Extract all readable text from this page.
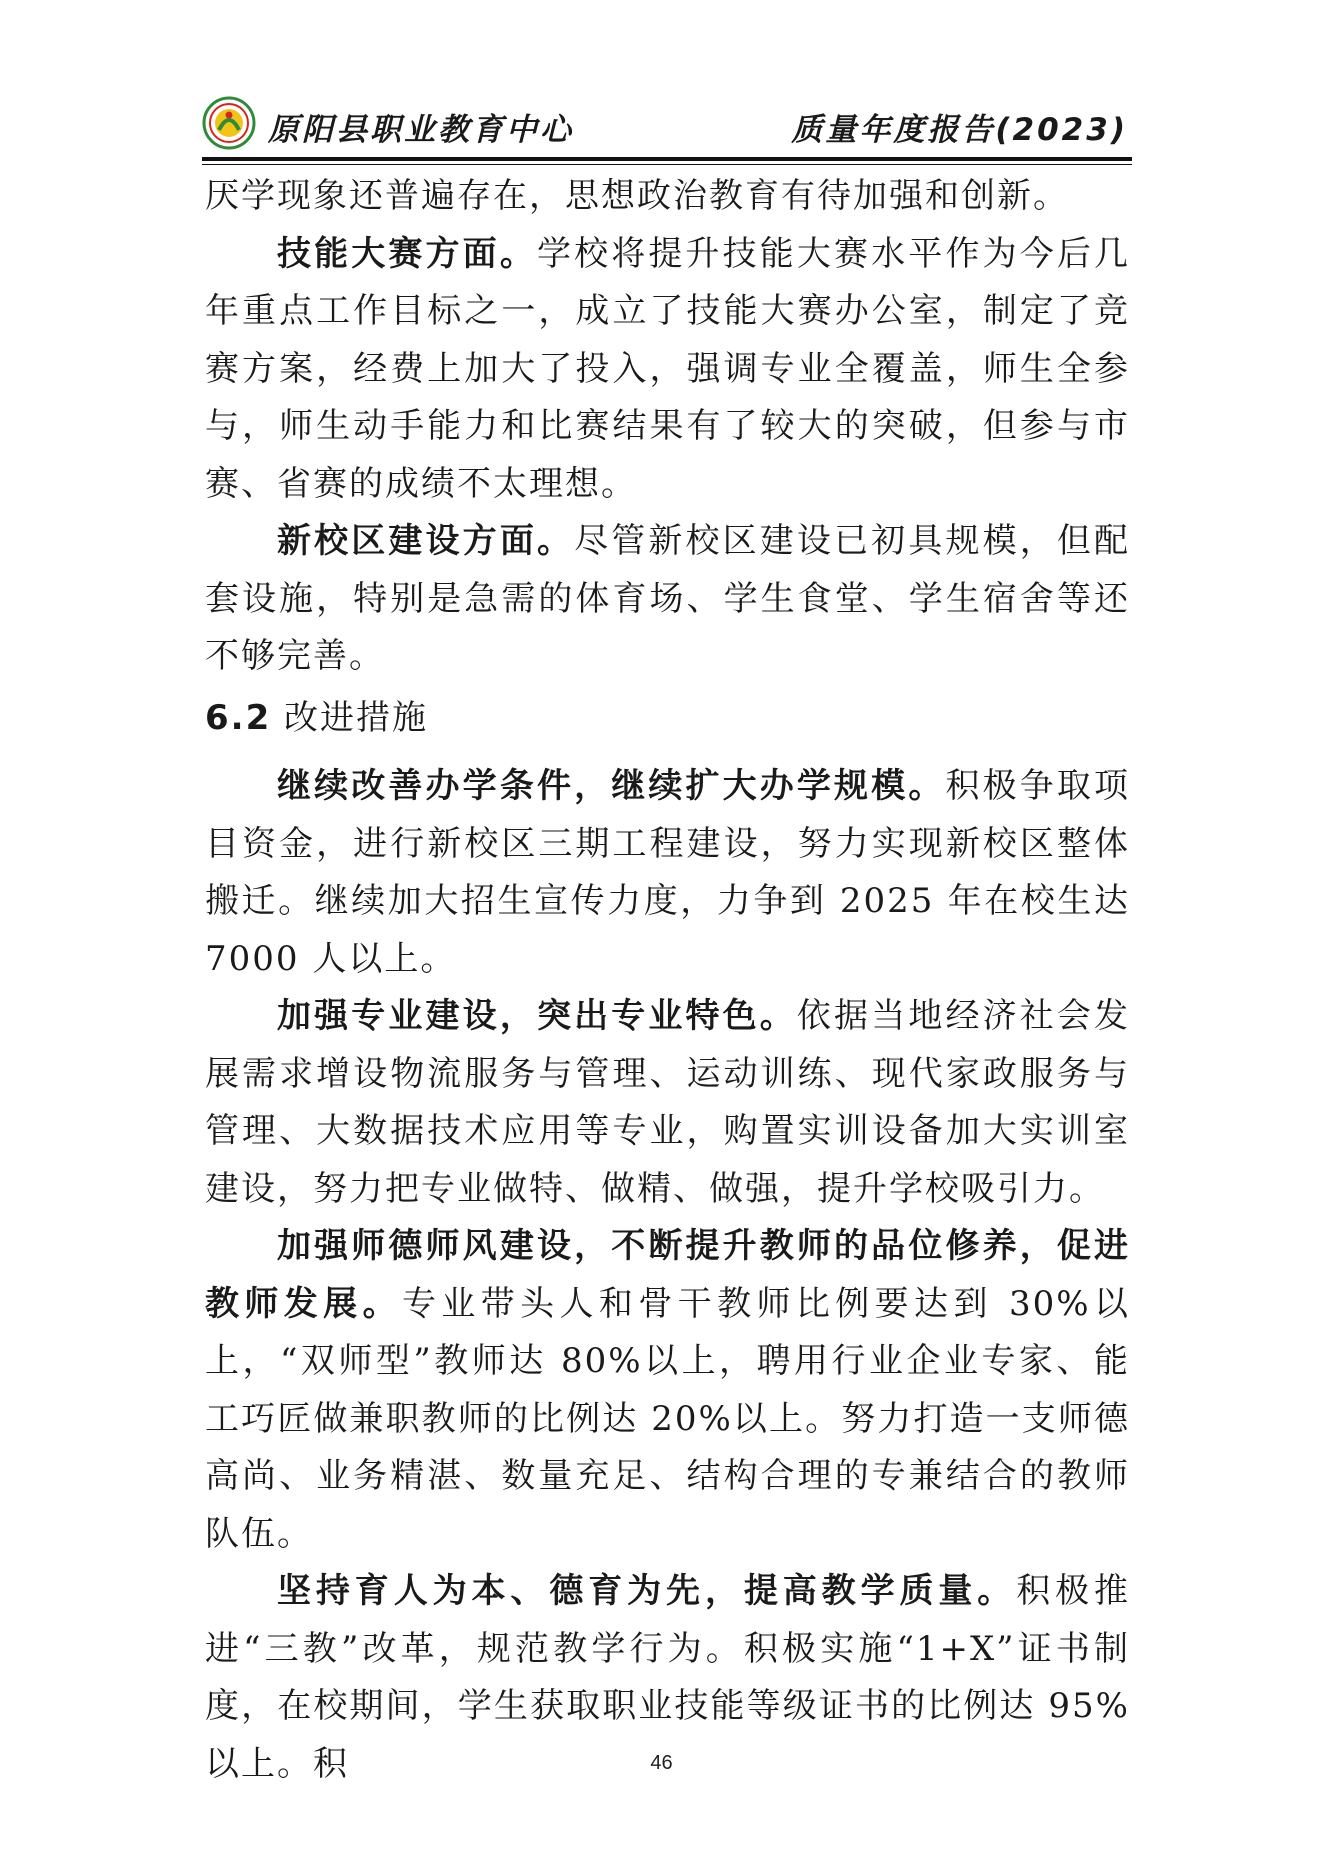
原阳县职业教育中心	质量年度报告(2023)

厌学现象还普遍存在，思想政治教育有待加强和创新。

技能大赛方面。学校将提升技能大赛水平作为今后几年重点工作目标之一，成立了技能大赛办公室，制定了竞赛方案，经费上加大了投入，强调专业全覆盖，师生全参与，师生动手能力和比赛结果有了较大的突破，但参与市赛、省赛的成绩不太理想。

新校区建设方面。尽管新校区建设已初具规模，但配套设施，特别是急需的体育场、学生食堂、学生宿舍等还不够完善。

6.2 改进措施

继续改善办学条件，继续扩大办学规模。积极争取项目资金，进行新校区三期工程建设，努力实现新校区整体搬迁。继续加大招生宣传力度，力争到 2025 年在校生达 7000 人以上。

加强专业建设，突出专业特色。依据当地经济社会发展需求增设物流服务与管理、运动训练、现代家政服务与管理、大数据技术应用等专业，购置实训设备加大实训室建设，努力把专业做特、做精、做强，提升学校吸引力。

加强师德师风建设，不断提升教师的品位修养，促进教师发展。专业带头人和骨干教师比例要达到 30%以上，“双师型”教师达 80%以上，聘用行业企业专家、能工巧匠做兼职教师的比例达 20%以上。努力打造一支师德高尚、业务精湛、数量充足、结构合理的专兼结合的教师队伍。

坚持育人为本、德育为先，提高教学质量。积极推进“三教”改革，规范教学行为。积极实施“1+X”证书制度，在校期间，学生获取职业技能等级证书的比例达 95%以上。积	46
